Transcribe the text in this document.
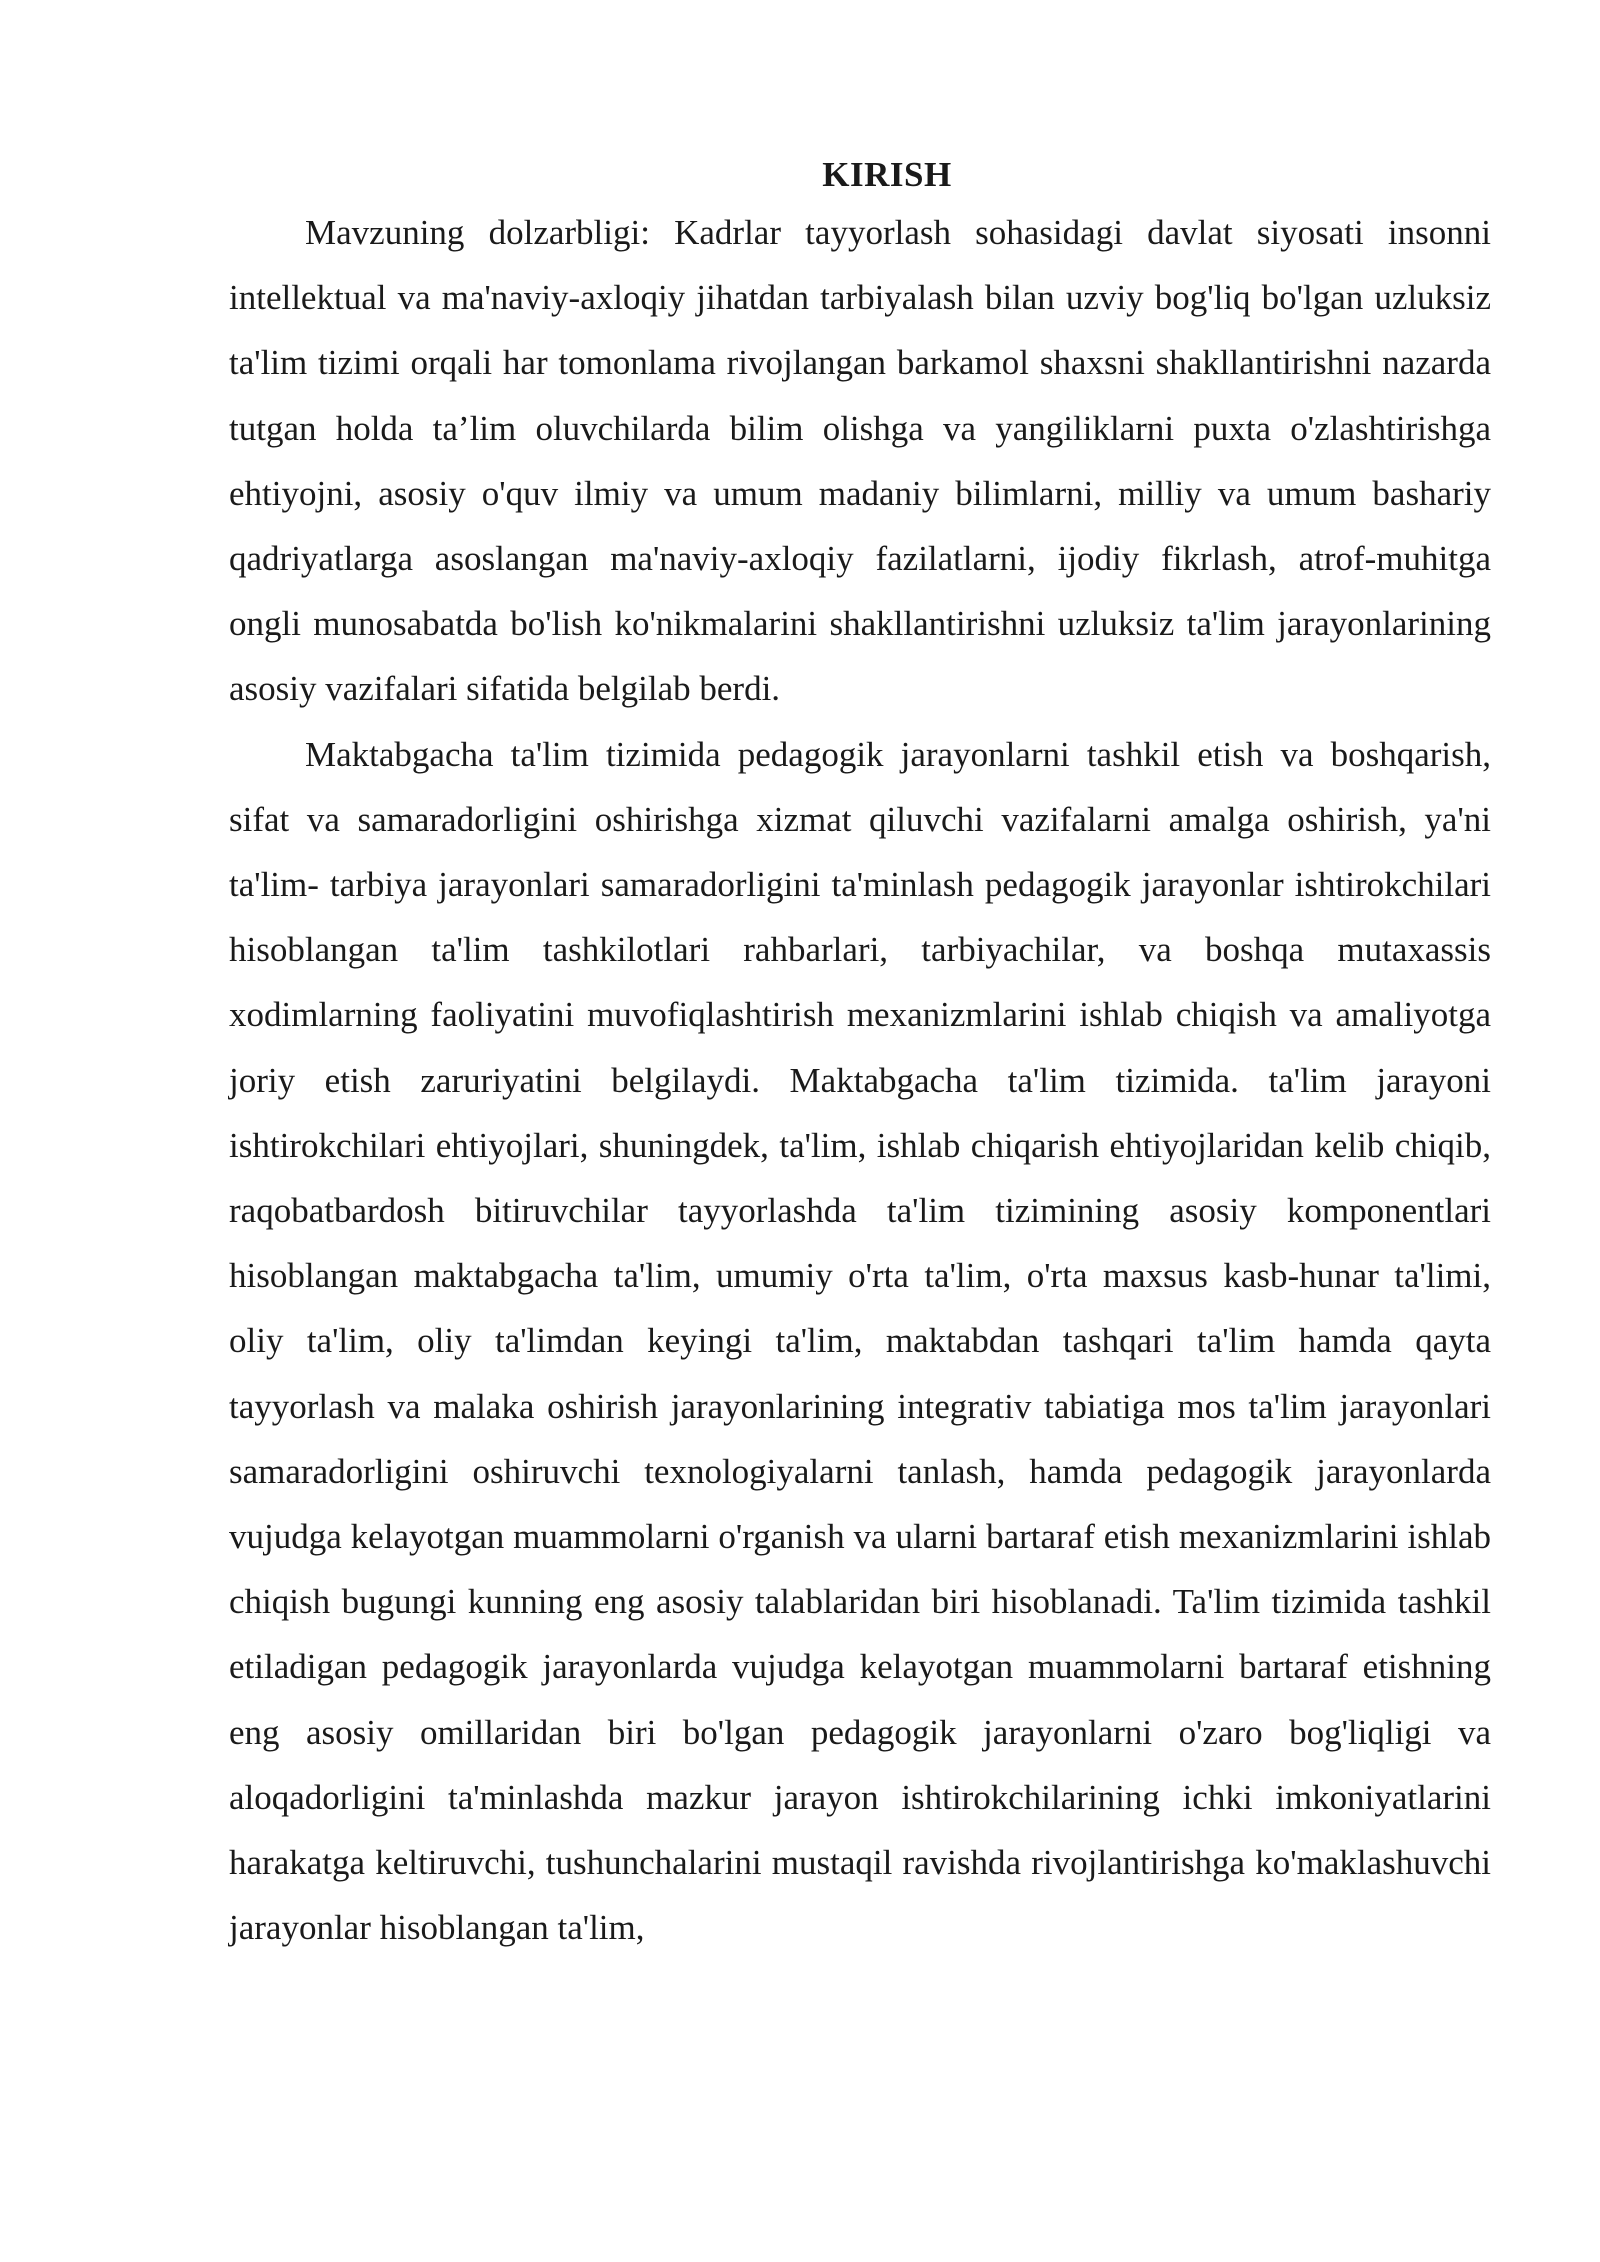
KIRISH

Mavzuning dolzarbligi: Kadrlar tayyorlash sohasidagi davlat siyosati insonni intellektual va ma'naviy-axloqiy jihatdan tarbiyalash bilan uzviy bog'liq bo'lgan uzluksiz ta'lim tizimi orqali har tomonlama rivojlangan barkamol shaxsni shakllantirishni nazarda tutgan holda ta’lim oluvchilarda bilim olishga va yangiliklarni puxta o'zlashtirishga ehtiyojni, asosiy o'quv ilmiy va umum madaniy bilimlarni, milliy va umum bashariy qadriyatlarga asoslangan ma'naviy-axloqiy fazilatlarni, ijodiy fikrlash, atrof-muhitga ongli munosabatda bo'lish ko'nikmalarini shakllantirishni uzluksiz ta'lim jarayonlarining asosiy vazifalari sifatida belgilab berdi.

Maktabgacha ta'lim tizimida pedagogik jarayonlarni tashkil etish va boshqarish, sifat va samaradorligini oshirishga xizmat qiluvchi vazifalarni amalga oshirish, ya'ni ta'lim- tarbiya jarayonlari samaradorligini ta'minlash pedagogik jarayonlar ishtirokchilari hisoblangan ta'lim tashkilotlari rahbarlari, tarbiyachilar, va boshqa mutaxassis xodimlarning faoliyatini muvofiqlashtirish mexanizmlarini ishlab chiqish va amaliyotga joriy etish zaruriyatini belgilaydi. Maktabgacha ta'lim tizimida. ta'lim jarayoni ishtirokchilari ehtiyojlari, shuningdek, ta'lim, ishlab chiqarish ehtiyojlaridan kelib chiqib, raqobatbardosh bitiruvchilar tayyorlashda ta'lim tizimining asosiy komponentlari hisoblangan maktabgacha ta'lim, umumiy o'rta ta'lim, o'rta maxsus kasb-hunar ta'limi, oliy ta'lim, oliy ta'limdan keyingi ta'lim, maktabdan tashqari ta'lim hamda qayta tayyorlash va malaka oshirish jarayonlarining integrativ tabiatiga mos ta'lim jarayonlari samaradorligini oshiruvchi texnologiyalarni tanlash, hamda pedagogik jarayonlarda vujudga kelayotgan muammolarni o'rganish va ularni bartaraf etish mexanizmlarini ishlab chiqish bugungi kunning eng asosiy talablaridan biri hisoblanadi. Ta'lim tizimida tashkil etiladigan pedagogik jarayonlarda vujudga kelayotgan muammolarni bartaraf etishning eng asosiy omillaridan biri bo'lgan pedagogik jarayonlarni o'zaro bog'liqligi va aloqadorligini ta'minlashda mazkur jarayon ishtirokchilarining ichki imkoniyatlarini harakatga keltiruvchi, tushunchalarini mustaqil ravishda rivojlantirishga ko'maklashuvchi jarayonlar hisoblangan ta'lim,
